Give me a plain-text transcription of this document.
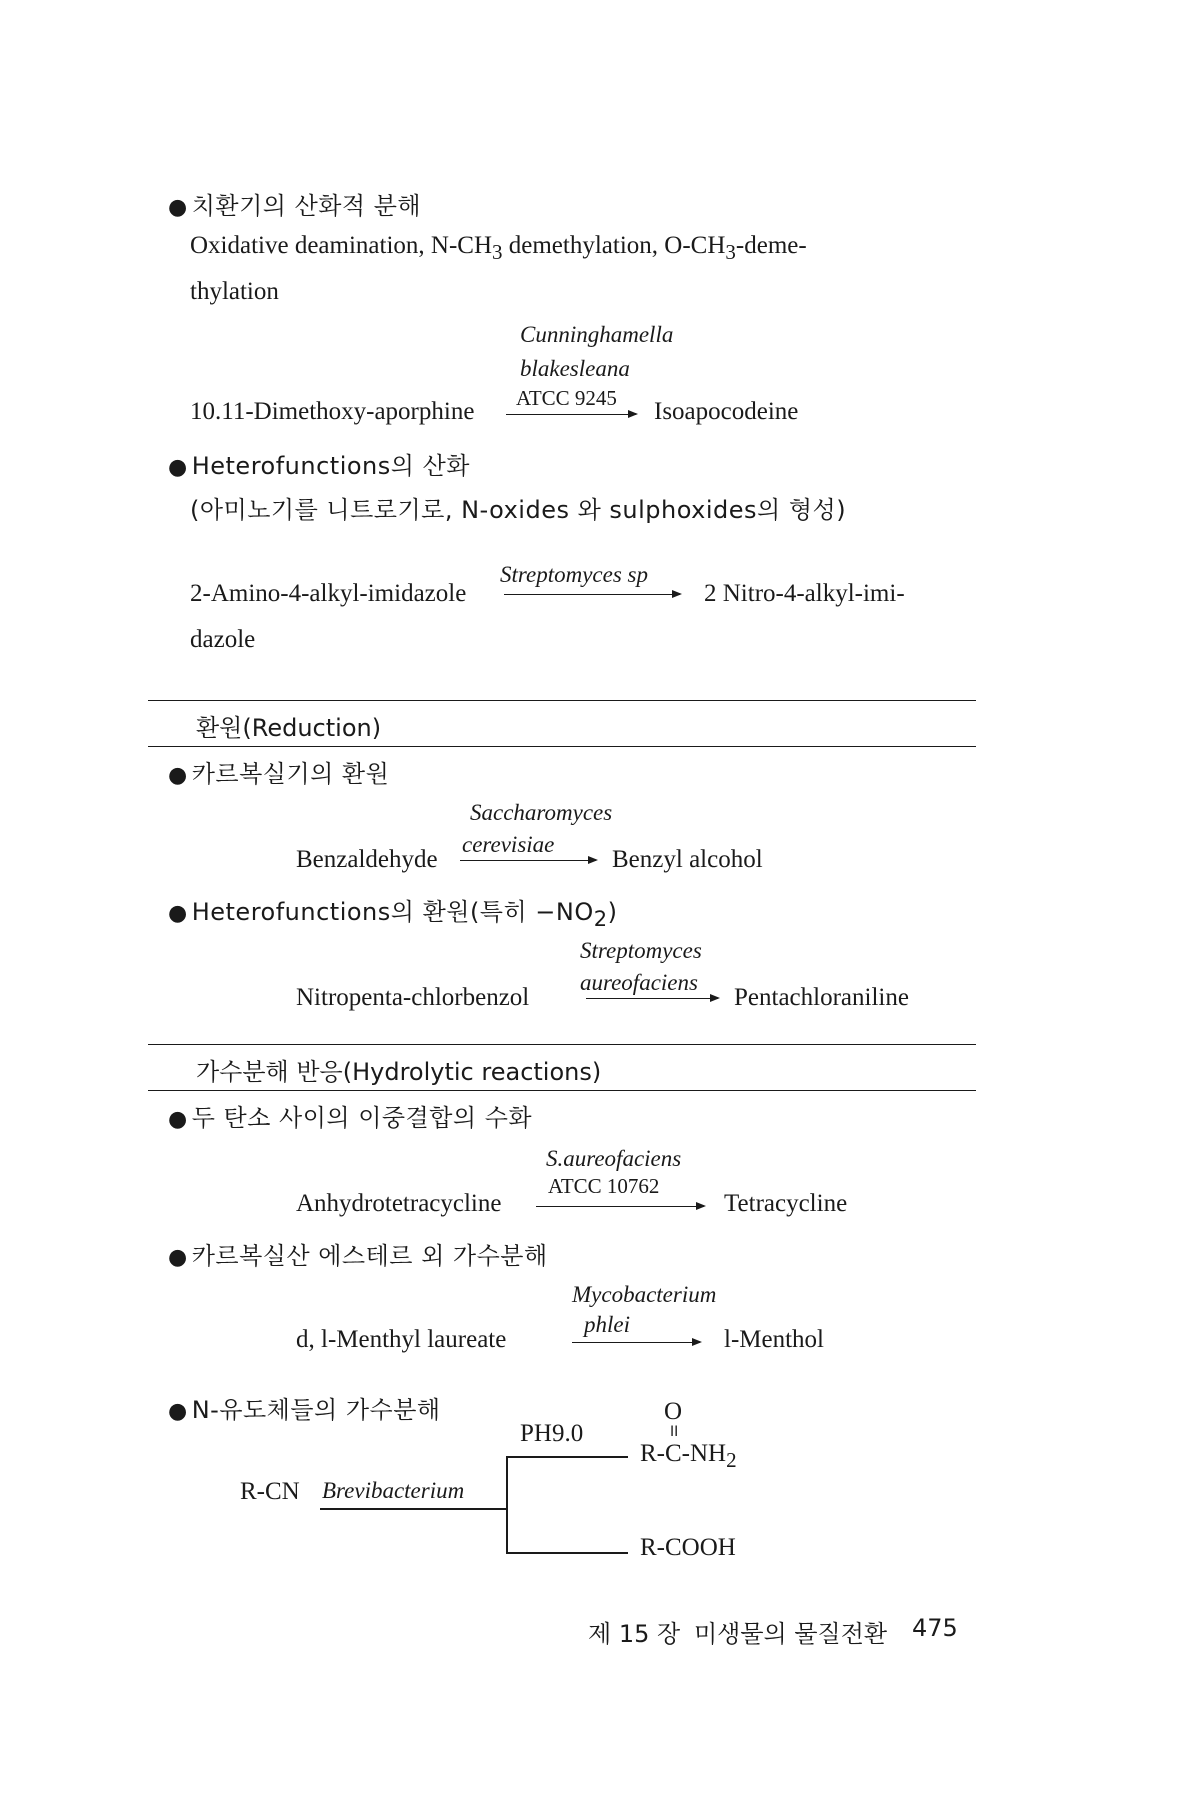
● 치환기의 산화적 분해
Oxidative deamination, $N-CH_3$ demethylation, $O-CH_3-deme-$
thylation
Cunninghamella
blakesleana
ATCC 9245
10.11-Dimethoxy-aporphine	Isoapocodeine
● Heterofunctions의 산화
(아미노기를 니트로기로, N-oxides 와 sulphoxides의 형성)
Streptomyces sp
2-Amino-4-alkyl-imidazole	2 Nitro-4-alkyl-imi-
dazole
환원(Reduction)
● 카르복실기의 환원
Saccharomyces
cerevisiae
Benzaldehyde	Benzyl alcohol
● Heterofunctions의 환원(특히 $-NO_2$)
Streptomyces
aureofaciens
Nitropenta-chlorbenzol	Pentachloraniline
가수분해 반응(Hydrolytic reactions)
● 두 탄소 사이의 이중결합의 수화
S.aureofaciens
ATCC 10762
Anhydrotetracycline	Tetracycline
● 카르복실산 에스테르 외 가수분해
Mycobacterium
phlei
d, l-Menthyl laureate	l-Menthol
● N-유도체들의 가수분해	O
II
PH9.0
$R-C-NH_2$
R-CN Brevibacterium
R-COOH
제 15 장 미생물의 물질전환 475
